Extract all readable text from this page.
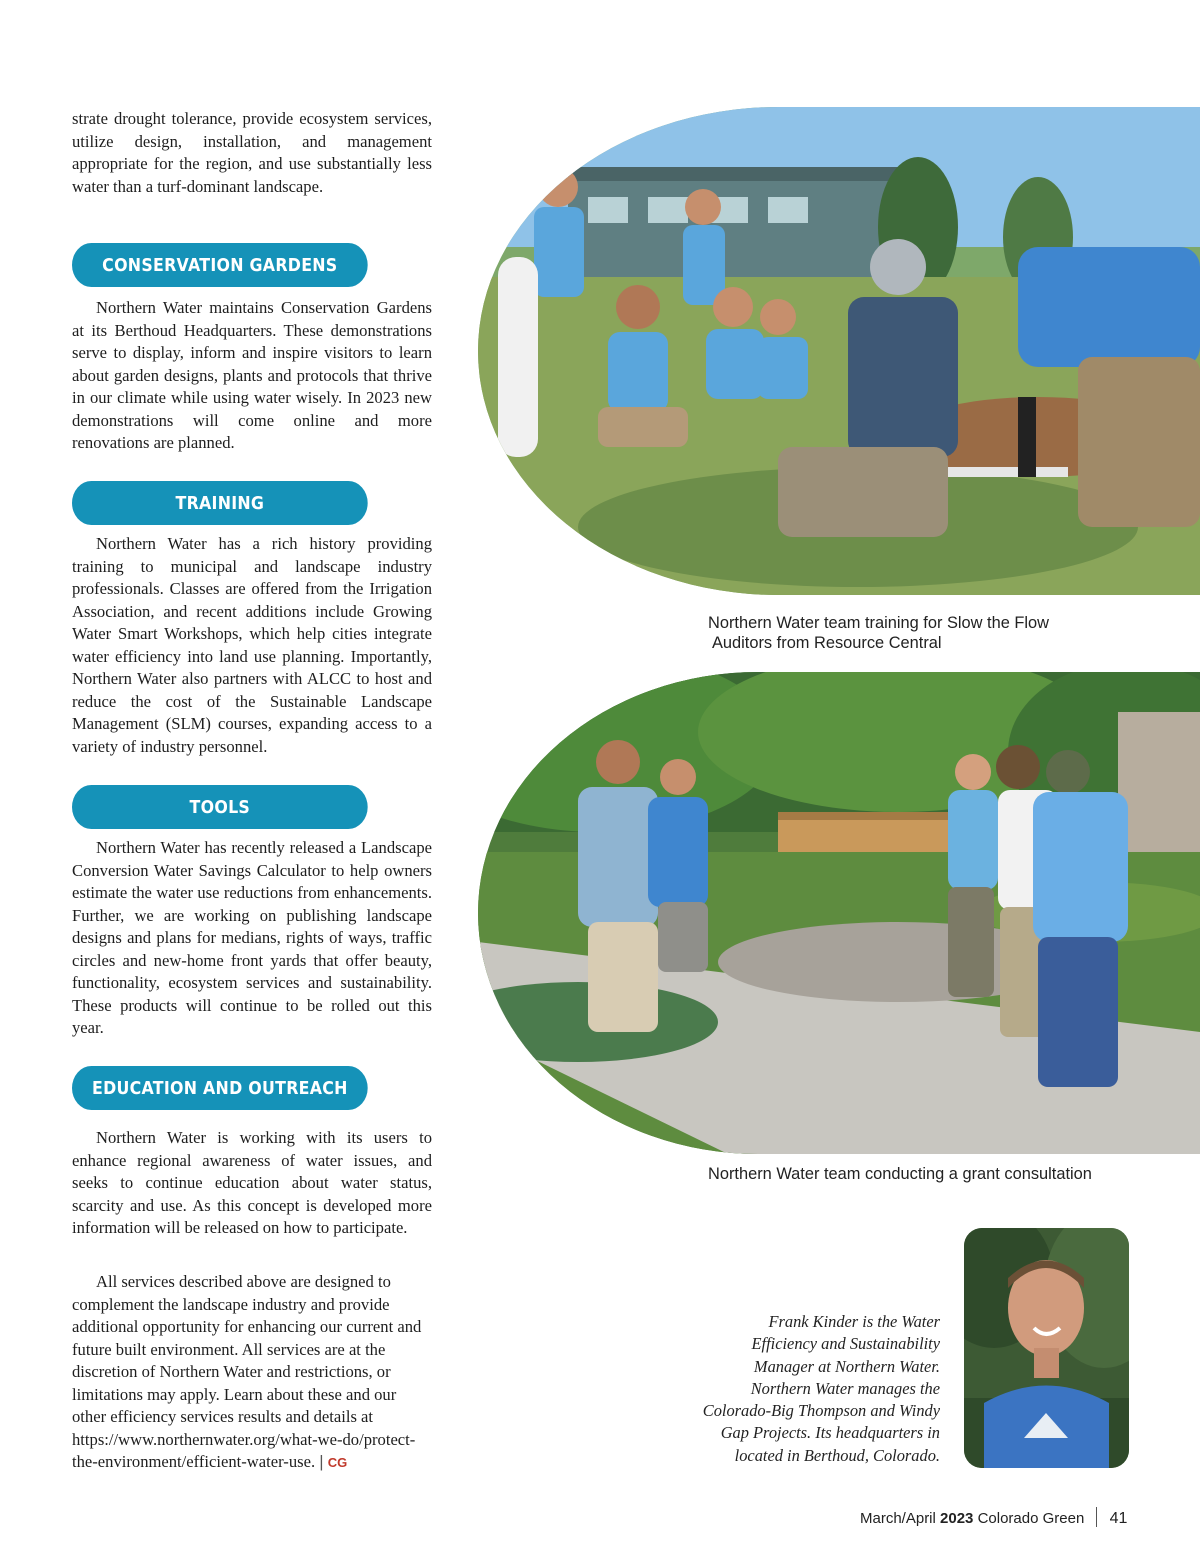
strate drought tolerance, provide ecosystem services, utilize design, installation, and management appropriate for the region, and use substantially less water than a turf-dominant landscape.

CONSERVATION GARDENS

Northern Water maintains Conservation Gardens at its Berthoud Headquarters. These demonstrations serve to display, inform and inspire visitors to learn about garden designs, plants and protocols that thrive in our climate while using water wisely. In 2023 new demonstrations will come online and more renovations are planned.

TRAINING

Northern Water has a rich history providing training to municipal and landscape industry professionals. Classes are offered from the Irrigation Association, and recent additions include Growing Water Smart Workshops, which help cities integrate water efficiency into land use planning. Importantly, Northern Water also partners with ALCC to host and reduce the cost of the Sustainable Landscape Management (SLM) courses, expanding access to a variety of industry personnel.

TOOLS

Northern Water has recently released a Landscape Conversion Water Savings Calculator to help owners estimate the water use reductions from enhancements. Further, we are working on publishing landscape designs and plans for medians, rights of ways, traffic circles and new-home front yards that offer beauty, functionality, ecosystem services and sustainability. These products will continue to be rolled out this year.

EDUCATION AND OUTREACH

Northern Water is working with its users to enhance regional awareness of water issues, and seeks to continue education about water status, scarcity and use. As this concept is developed more information will be released on how to participate.

All services described above are designed to complement the landscape industry and provide additional opportunity for enhancing our current and future built environment. All services are at the discretion of Northern Water and restrictions, or limitations may apply. Learn about these and our other efficiency services results and details at https://www.northernwater.org/what-we-do/protect-the-environment/efficient-water-use. | CG

Northern Water team training for Slow the Flow
Auditors from Resource Central
Northern Water team conducting a grant consultation
Frank Kinder is the Water
Efficiency and Sustainability
Manager at Northern Water.
Northern Water manages the
Colorado-Big Thompson and Windy
Gap Projects. Its headquarters in
located in Berthoud, Colorado.
March/April 2023 Colorado Green 41
